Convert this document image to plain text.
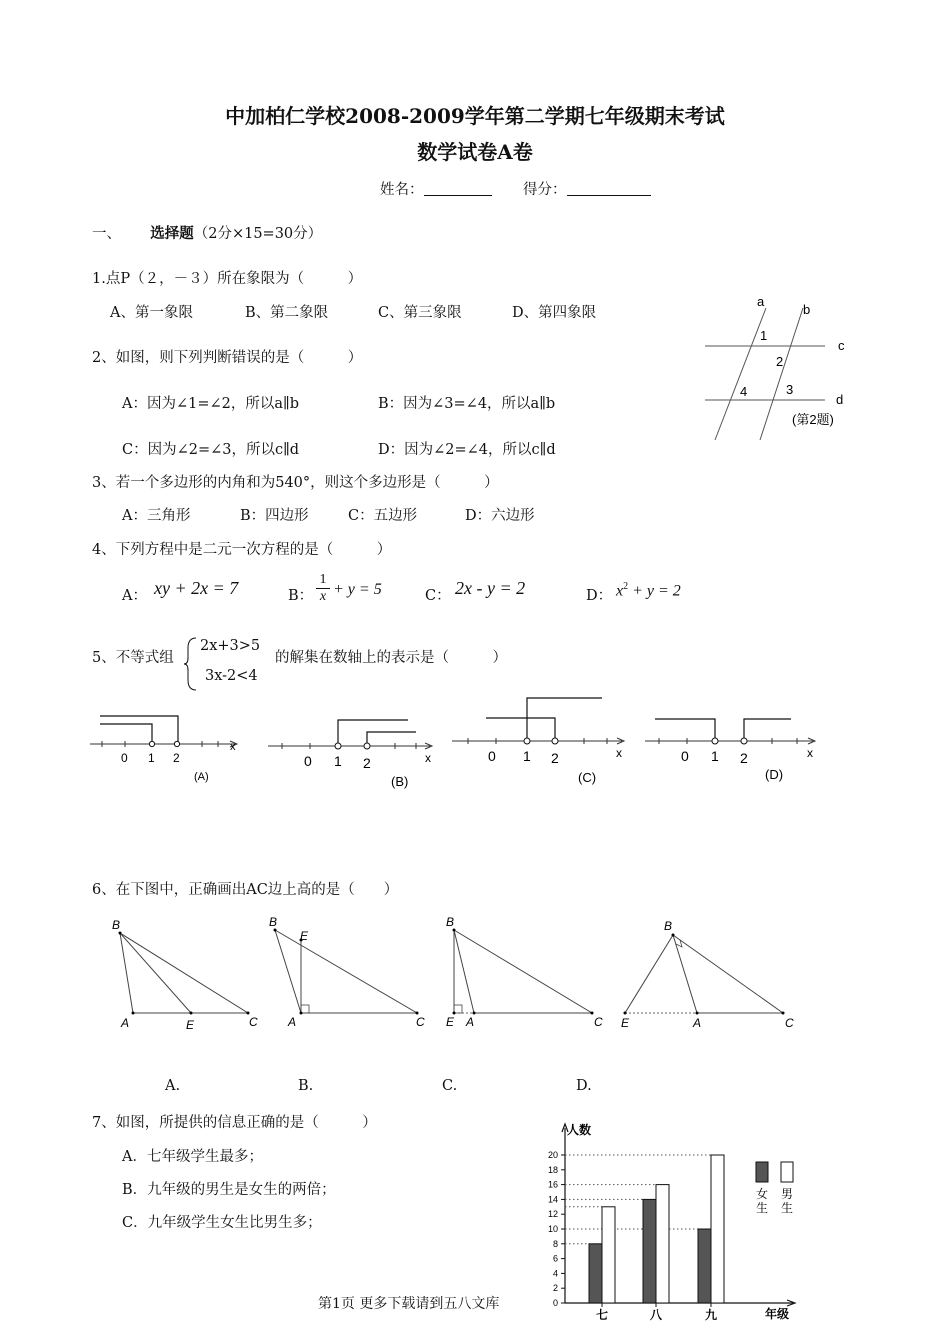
中加柏仁学校2008-2009学年第二学期七年级期末考试
数学试卷A卷
姓名：	得分：
一、 选择题（2分×15=30分）
1.点P（２，－３）所在象限为（　　　）
A、第一象限	B、第二象限	C、第三象限	D、第四象限
2、如图，则下列判断错误的是（　　　）
A：因为∠1=∠2，所以a∥b	B：因为∠3=∠4，所以a∥b
C：因为∠2=∠3，所以c∥d	D：因为∠2=∠4，所以c∥d
a
b
c
d
1
2
3
4
(第2题)
3、若一个多边形的内角和为540°，则这个多边形是（　　　）
A：三角形	B：四边形	C：五边形	D：六边形
4、下列方程中是二元一次方程的是（　　　）
A： xy + 2x = 7	B： $\frac{1}{x} + y = 5$	C： 2x - y = 2	D： $x^2 + y = 2$
5、不等式组
2x+3>5
3x-2<4
的解集在数轴上的表示是（　　　）
0 1 2
x
(A)
0 1 2	x
(B)
0 1 2	x
(C)
0 1 2	x
(D)
6、在下图中，正确画出AC边上高的是（　　）
B
A	E	C
B
E
A	C
B
E A	C
B
E	A	C
A.	B.	C.	D.
7、如图，所提供的信息正确的是（　　　）
A．七年级学生最多；
B．九年级的男生是女生的两倍；
C．九年级学生女生比男生多；
人数
年级
0
2
4
6
8
10
12
14
16
18
20
七	八	九
女生
男生
第1页 更多下载请到五八文库
